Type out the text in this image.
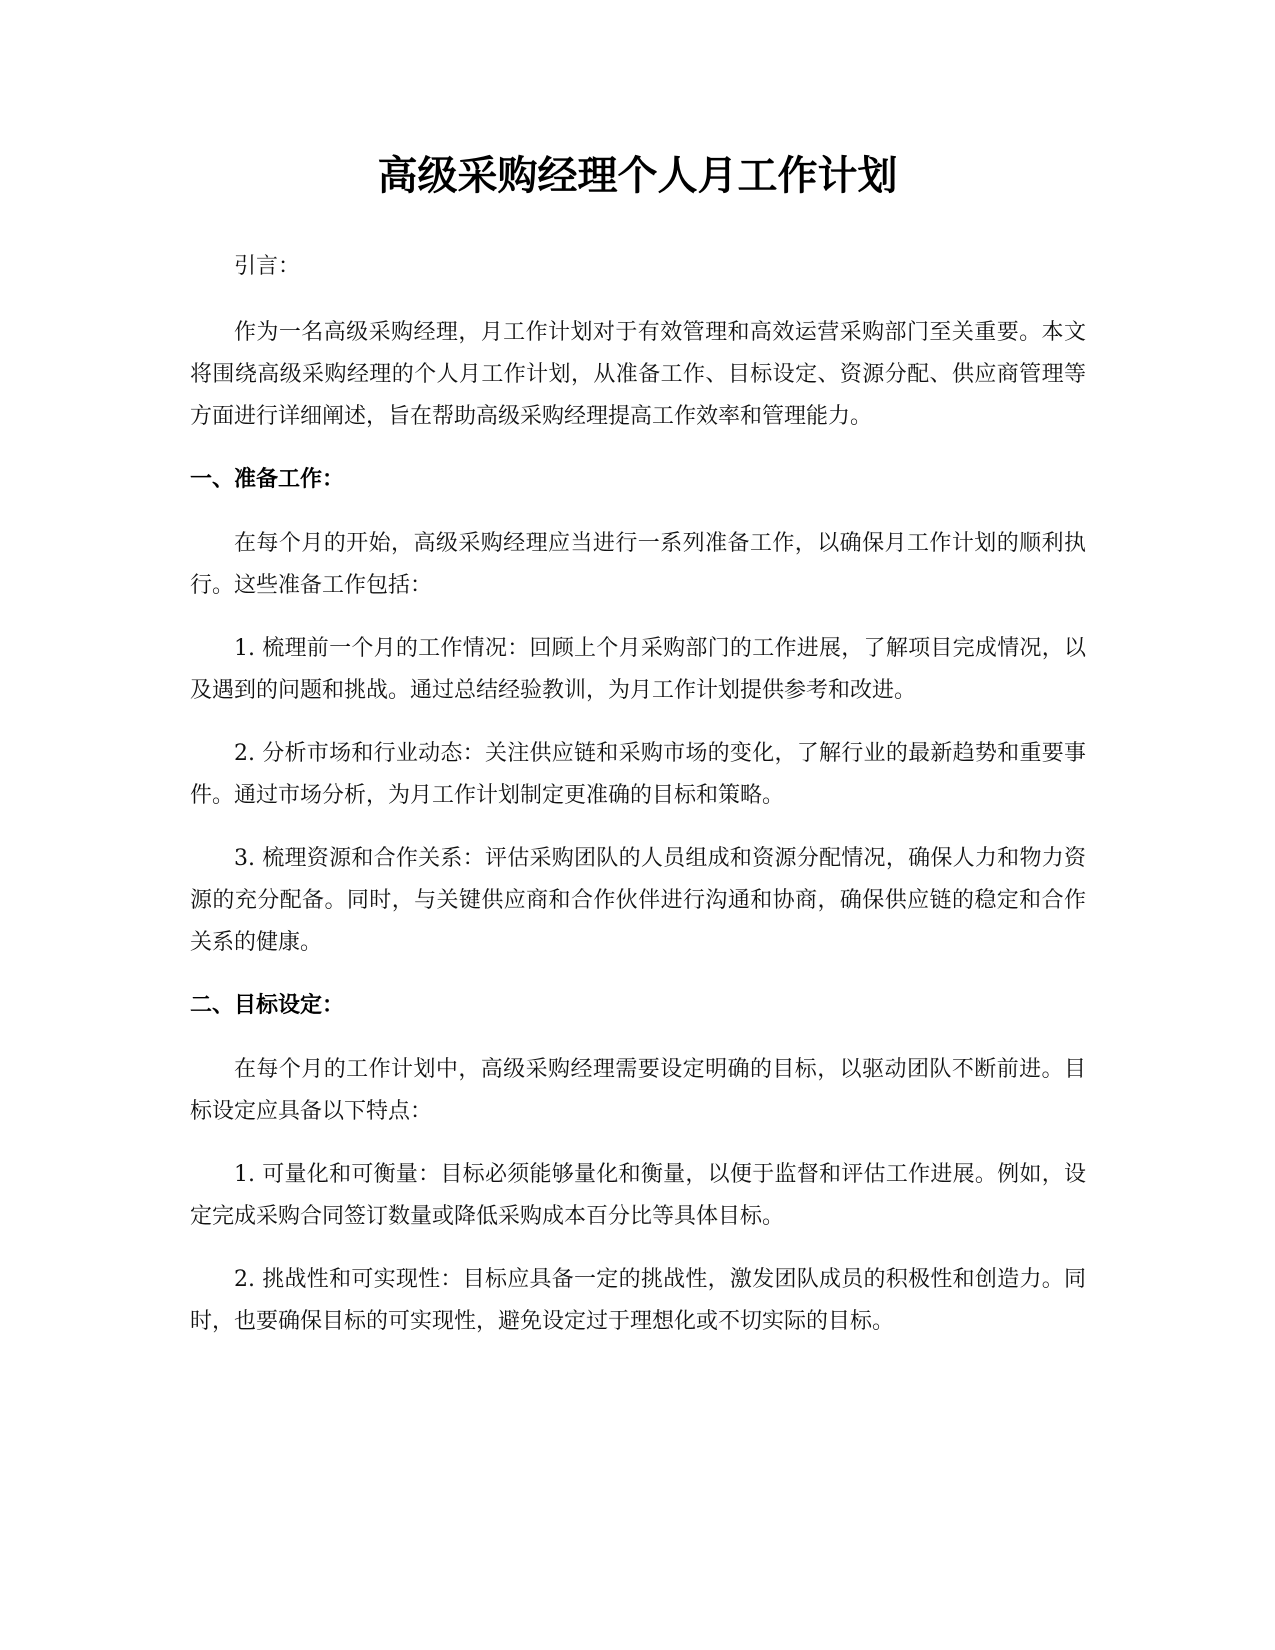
高级采购经理个人月工作计划

引言：

作为一名高级采购经理，月工作计划对于有效管理和高效运营采购部门至关重要。本文将围绕高级采购经理的个人月工作计划，从准备工作、目标设定、资源分配、供应商管理等方面进行详细阐述，旨在帮助高级采购经理提高工作效率和管理能力。

一、准备工作：

在每个月的开始，高级采购经理应当进行一系列准备工作，以确保月工作计划的顺利执行。这些准备工作包括：

1. 梳理前一个月的工作情况：回顾上个月采购部门的工作进展，了解项目完成情况，以及遇到的问题和挑战。通过总结经验教训，为月工作计划提供参考和改进。

2. 分析市场和行业动态：关注供应链和采购市场的变化，了解行业的最新趋势和重要事件。通过市场分析，为月工作计划制定更准确的目标和策略。

3. 梳理资源和合作关系：评估采购团队的人员组成和资源分配情况，确保人力和物力资源的充分配备。同时，与关键供应商和合作伙伴进行沟通和协商，确保供应链的稳定和合作关系的健康。

二、目标设定：

在每个月的工作计划中，高级采购经理需要设定明确的目标，以驱动团队不断前进。目标设定应具备以下特点：

1. 可量化和可衡量：目标必须能够量化和衡量，以便于监督和评估工作进展。例如，设定完成采购合同签订数量或降低采购成本百分比等具体目标。

2. 挑战性和可实现性：目标应具备一定的挑战性，激发团队成员的积极性和创造力。同时，也要确保目标的可实现性，避免设定过于理想化或不切实际的目标。
